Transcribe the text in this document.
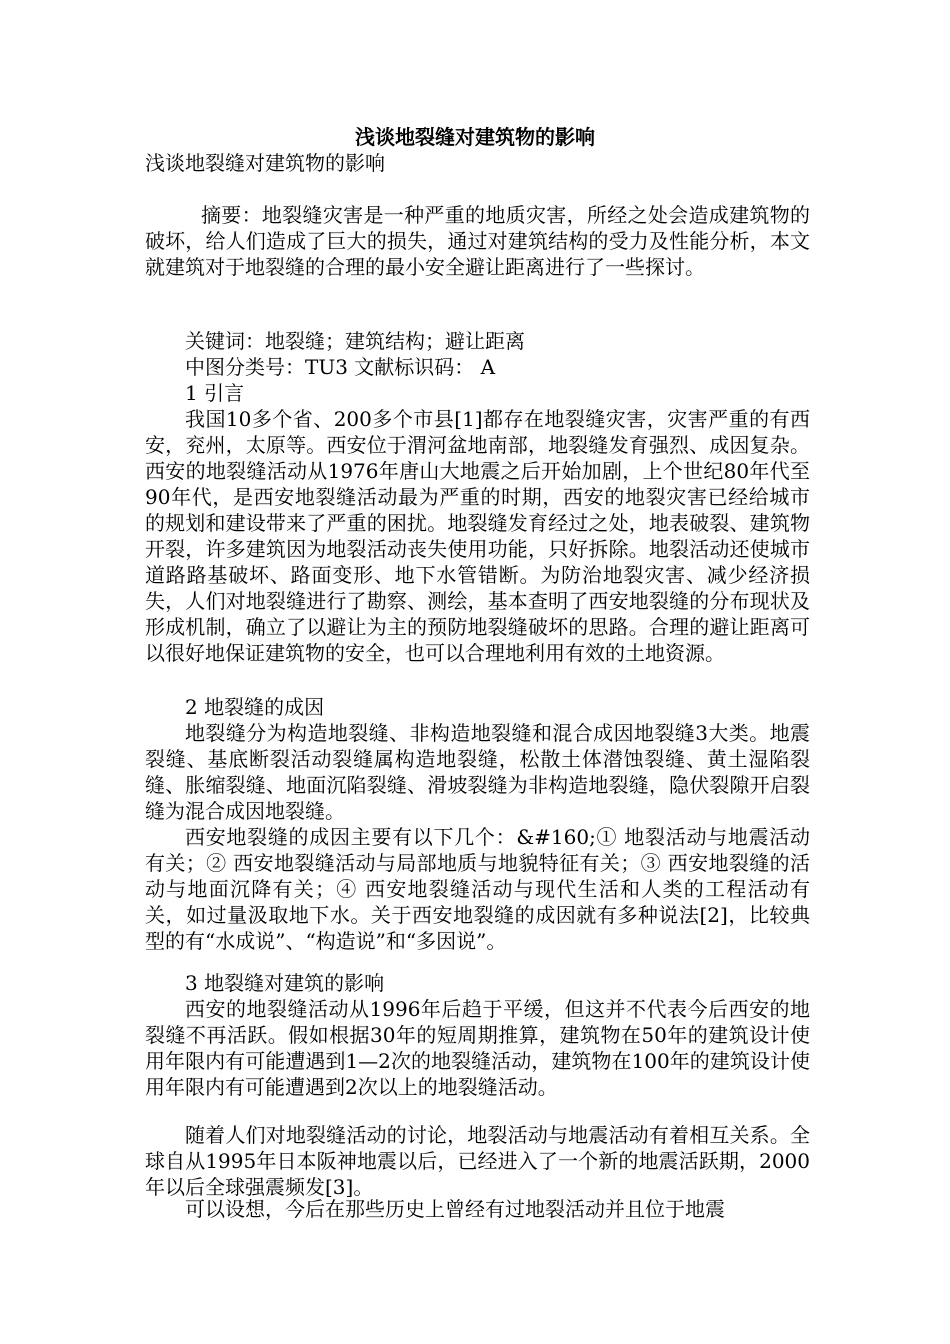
浅谈地裂缝对建筑物的影响
浅谈地裂缝对建筑物的影响

摘要：地裂缝灾害是一种严重的地质灾害，所经之处会造成建筑物的破坏，给人们造成了巨大的损失，通过对建筑结构的受力及性能分析，本文就建筑对于地裂缝的合理的最小安全避让距离进行了一些探讨。

关键词：地裂缝；建筑结构；避让距离

中图分类号：TU3 文献标识码： A

1 引言

我国10多个省、200多个市县[1]都存在地裂缝灾害，灾害严重的有西安，兖州，太原等。西安位于渭河盆地南部，地裂缝发育强烈、成因复杂。西安的地裂缝活动从1976年唐山大地震之后开始加剧，上个世纪80年代至90年代，是西安地裂缝活动最为严重的时期，西安的地裂灾害已经给城市的规划和建设带来了严重的困扰。地裂缝发育经过之处，地表破裂、建筑物开裂，许多建筑因为地裂活动丧失使用功能，只好拆除。地裂活动还使城市道路路基破坏、路面变形、地下水管错断。为防治地裂灾害、减少经济损失，人们对地裂缝进行了勘察、测绘，基本查明了西安地裂缝的分布现状及形成机制，确立了以避让为主的预防地裂缝破坏的思路。合理的避让距离可以很好地保证建筑物的安全，也可以合理地利用有效的土地资源。

2 地裂缝的成因

地裂缝分为构造地裂缝、非构造地裂缝和混合成因地裂缝3大类。地震裂缝、基底断裂活动裂缝属构造地裂缝，松散土体潜蚀裂缝、黄土湿陷裂缝、胀缩裂缝、地面沉陷裂缝、滑坡裂缝为非构造地裂缝，隐伏裂隙开启裂缝为混合成因地裂缝。

西安地裂缝的成因主要有以下几个：&#160;① 地裂活动与地震活动有关；② 西安地裂缝活动与局部地质与地貌特征有关；③ 西安地裂缝的活动与地面沉降有关；④ 西安地裂缝活动与现代生活和人类的工程活动有关，如过量汲取地下水。关于西安地裂缝的成因就有多种说法[2]，比较典型的有“水成说”、“构造说”和“多因说”。

3 地裂缝对建筑的影响

西安的地裂缝活动从1996年后趋于平缓，但这并不代表今后西安的地裂缝不再活跃。假如根据30年的短周期推算，建筑物在50年的建筑设计使用年限内有可能遭遇到1—2次的地裂缝活动，建筑物在100年的建筑设计使用年限内有可能遭遇到2次以上的地裂缝活动。

随着人们对地裂缝活动的讨论，地裂活动与地震活动有着相互关系。全球自从1995年日本阪神地震以后，已经进入了一个新的地震活跃期，2000年以后全球强震频发[3]。

可以设想，今后在那些历史上曾经有过地裂活动并且位于地震
